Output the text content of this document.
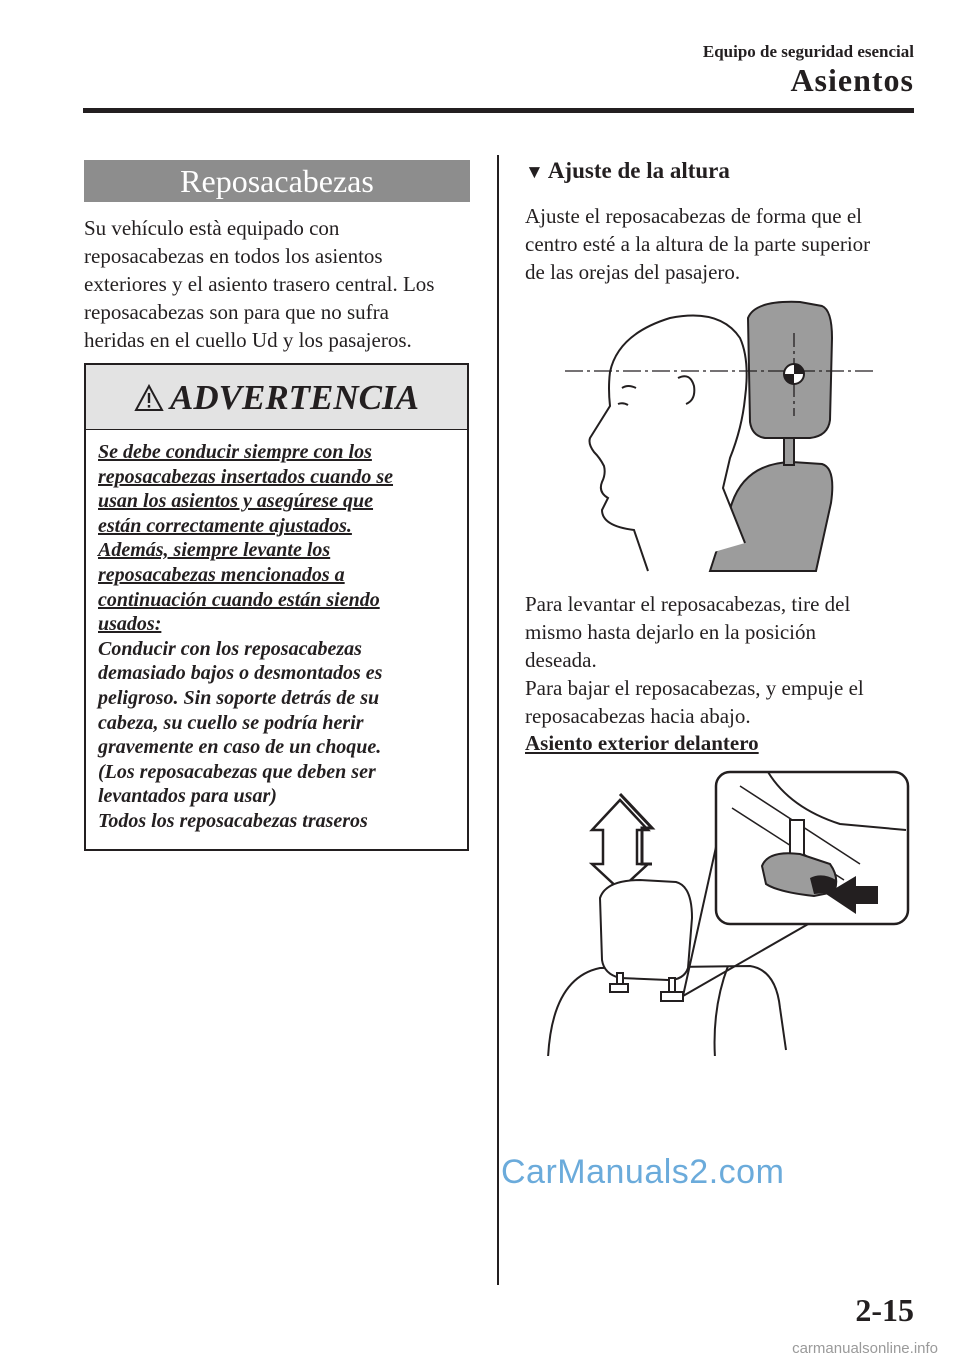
Equipo de seguridad esencial
Asientos
Reposacabezas
Su vehículo està equipado con
reposacabezas en todos los asientos
exteriores y el asiento trasero central. Los
reposacabezas son para que no sufra
heridas en el cuello Ud y los pasajeros.
ADVERTENCIA
Se debe conducir siempre con los
reposacabezas insertados cuando se
usan los asientos y asegúrese que
están correctamente ajustados.
Además, siempre levante los
reposacabezas mencionados a
continuación cuando están siendo
usados:
Conducir con los reposacabezas
demasiado bajos o desmontados es
peligroso. Sin soporte detrás de su
cabeza, su cuello se podría herir
gravemente en caso de un choque.
(Los reposacabezas que deben ser
levantados para usar)
Todos los reposacabezas traseros
▼ Ajuste de la altura
Ajuste el reposacabezas de forma que el
centro esté a la altura de la parte superior
de las orejas del pasajero.
Para levantar el reposacabezas, tire del
mismo hasta dejarlo en la posición
deseada.
Para bajar el reposacabezas, y empuje el
reposacabezas hacia abajo.
Asiento exterior delantero
CarManuals2.com
2-15
carmanualsonline.info
